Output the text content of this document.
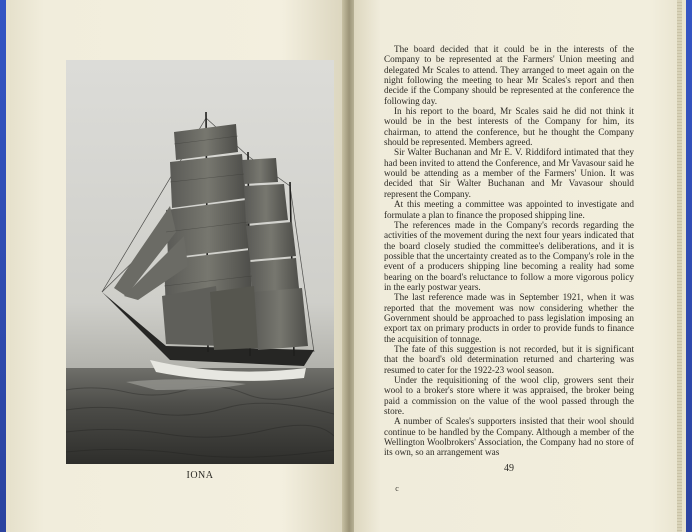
IONA

The board decided that it could be in the interests of the Company to be represented at the Farmers' Union meeting and delegated Mr Scales to attend. They arranged to meet again on the night following the meeting to hear Mr Scales's report and then decide if the Company should be represented at the conference the following day.

In his report to the board, Mr Scales said he did not think it would be in the best interests of the Company for him, its chairman, to attend the conference, but he thought the Company should be represented. Members agreed.

Sir Walter Buchanan and Mr E. V. Riddiford intimated that they had been invited to attend the Conference, and Mr Vavasour said he would be attending as a member of the Farmers' Union. It was decided that Sir Walter Buchanan and Mr Vavasour should represent the Company.

At this meeting a committee was appointed to investigate and formulate a plan to finance the proposed shipping line.

The references made in the Company's records regarding the activities of the movement during the next four years indicated that the board closely studied the committee's deliberations, and it is possible that the uncertainty created as to the Company's role in the event of a producers shipping line becoming a reality had some bearing on the board's reluctance to follow a more vigorous policy in the early postwar years.

The last reference made was in September 1921, when it was reported that the movement was now considering whether the Government should be approached to pass legislation imposing an export tax on primary products in order to provide funds to finance the acquisition of tonnage.

The fate of this suggestion is not recorded, but it is significant that the board's old determination returned and chartering was resumed to cater for the 1922-23 wool season.

Under the requisitioning of the wool clip, growers sent their wool to a broker's store where it was appraised, the broker being paid a commission on the value of the wool passed through the store.

A number of Scales's supporters insisted that their wool should continue to be handled by the Company. Although a member of the Wellington Woolbrokers' Association, the Company had no store of its own, so an arrangement was

49
c
